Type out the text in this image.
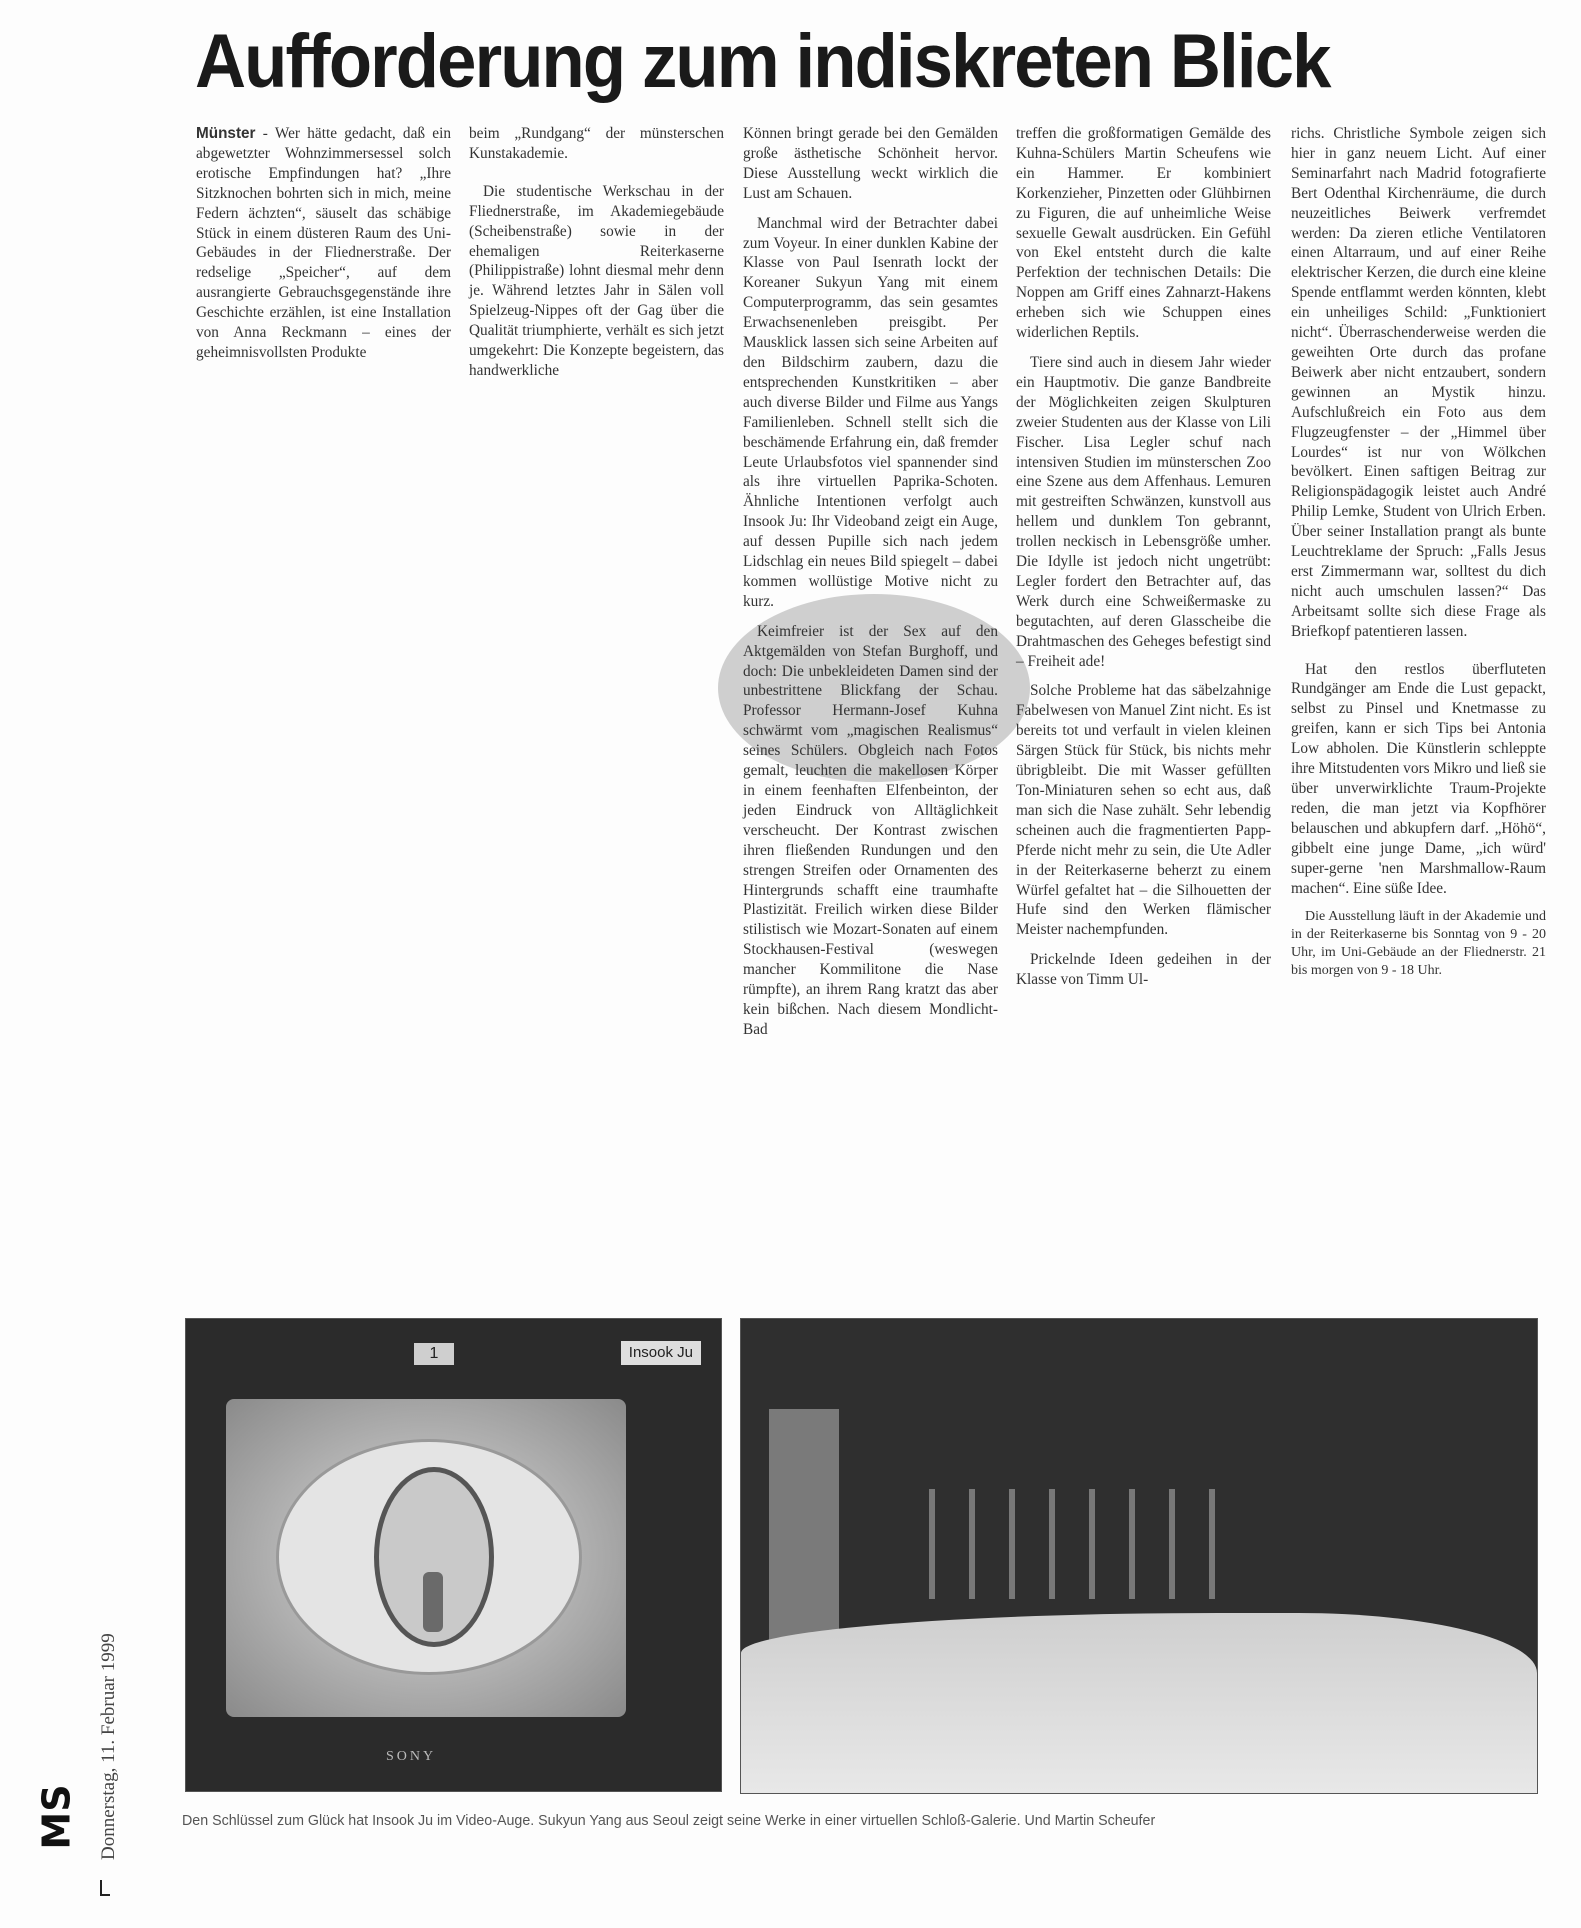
Aufforderung zum indiskreten Blick

Münster - Wer hätte gedacht, daß ein abgewetzter Wohnzimmersessel solch erotische Empfindungen hat? „Ihre Sitzknochen bohrten sich in mich, meine Federn ächzten“, säuselt das schäbige Stück in einem düsteren Raum des Uni-Gebäudes in der Fliednerstraße. Der redselige „Speicher“, auf dem ausrangierte Gebrauchsgegenstände ihre Geschichte erzählen, ist eine Installation von Anna Reckmann – eines der geheimnisvollsten Produkte

beim „Rundgang“ der münsterschen Kunstakademie.

Die studentische Werkschau in der Fliednerstraße, im Akademiegebäude (Scheibenstraße) sowie in der ehemaligen Reiterkaserne (Philippistraße) lohnt diesmal mehr denn je. Während letztes Jahr in Sälen voll Spielzeug-Nippes oft der Gag über die Qualität triumphierte, verhält es sich jetzt umgekehrt: Die Konzepte begeistern, das handwerkliche

Können bringt gerade bei den Gemälden große ästhetische Schönheit hervor. Diese Ausstellung weckt wirklich die Lust am Schauen.

Manchmal wird der Betrachter dabei zum Voyeur. In einer dunklen Kabine der Klasse von Paul Isenrath lockt der Koreaner Sukyun Yang mit einem Computerprogramm, das sein gesamtes Erwachsenenleben preisgibt. Per Mausklick lassen sich seine Arbeiten auf den Bildschirm zaubern, dazu die entsprechenden Kunstkritiken – aber auch diverse Bilder und Filme aus Yangs Familienleben. Schnell stellt sich die beschämende Erfahrung ein, daß fremder Leute Urlaubsfotos viel spannender sind als ihre virtuellen Paprika-Schoten. Ähnliche Intentionen verfolgt auch Insook Ju: Ihr Videoband zeigt ein Auge, auf dessen Pupille sich nach jedem Lidschlag ein neues Bild spiegelt – dabei kommen wollüstige Motive nicht zu kurz.

Keimfreier ist der Sex auf den Aktgemälden von Stefan Burghoff, und doch: Die unbekleideten Damen sind der unbestrittene Blickfang der Schau. Professor Hermann-Josef Kuhna schwärmt vom „magischen Realismus“ seines Schülers. Obgleich nach Fotos gemalt, leuchten die makellosen Körper in einem feenhaften Elfenbeinton, der jeden Eindruck von Alltäglichkeit verscheucht. Der Kontrast zwischen ihren fließenden Rundungen und den strengen Streifen oder Ornamenten des Hintergrunds schafft eine traumhafte Plastizität. Freilich wirken diese Bilder stilistisch wie Mozart-Sonaten auf einem Stockhausen-Festival (weswegen mancher Kommilitone die Nase rümpfte), an ihrem Rang kratzt das aber kein bißchen. Nach diesem Mondlicht-Bad

treffen die großformatigen Gemälde des Kuhna-Schülers Martin Scheufens wie ein Hammer. Er kombiniert Korkenzieher, Pinzetten oder Glühbirnen zu Figuren, die auf unheimliche Weise sexuelle Gewalt ausdrücken. Ein Gefühl von Ekel entsteht durch die kalte Perfektion der technischen Details: Die Noppen am Griff eines Zahnarzt-Hakens erheben sich wie Schuppen eines widerlichen Reptils.

Tiere sind auch in diesem Jahr wieder ein Hauptmotiv. Die ganze Bandbreite der Möglichkeiten zeigen Skulpturen zweier Studenten aus der Klasse von Lili Fischer. Lisa Legler schuf nach intensiven Studien im münsterschen Zoo eine Szene aus dem Affenhaus. Lemuren mit gestreiften Schwänzen, kunstvoll aus hellem und dunklem Ton gebrannt, trollen neckisch in Lebensgröße umher. Die Idylle ist jedoch nicht ungetrübt: Legler fordert den Betrachter auf, das Werk durch eine Schweißermaske zu begutachten, auf deren Glasscheibe die Drahtmaschen des Geheges befestigt sind – Freiheit ade!

Solche Probleme hat das säbelzahnige Fabelwesen von Manuel Zint nicht. Es ist bereits tot und verfault in vielen kleinen Särgen Stück für Stück, bis nichts mehr übrigbleibt. Die mit Wasser gefüllten Ton-Miniaturen sehen so echt aus, daß man sich die Nase zuhält. Sehr lebendig scheinen auch die fragmentierten Papp-Pferde nicht mehr zu sein, die Ute Adler in der Reiterkaserne beherzt zu einem Würfel gefaltet hat – die Silhouetten der Hufe sind den Werken flämischer Meister nachempfunden.

Prickelnde Ideen gedeihen in der Klasse von Timm Ul-

richs. Christliche Symbole zeigen sich hier in ganz neuem Licht. Auf einer Seminarfahrt nach Madrid fotografierte Bert Odenthal Kirchenräume, die durch neuzeitliches Beiwerk verfremdet werden: Da zieren etliche Ventilatoren einen Altarraum, und auf einer Reihe elektrischer Kerzen, die durch eine kleine Spende entflammt werden könnten, klebt ein unheiliges Schild: „Funktioniert nicht“. Überraschenderweise werden die geweihten Orte durch das profane Beiwerk aber nicht entzaubert, sondern gewinnen an Mystik hinzu. Aufschlußreich ein Foto aus dem Flugzeugfenster – der „Himmel über Lourdes“ ist nur von Wölkchen bevölkert. Einen saftigen Beitrag zur Religionspädagogik leistet auch André Philip Lemke, Student von Ulrich Erben. Über seiner Installation prangt als bunte Leuchtreklame der Spruch: „Falls Jesus erst Zimmermann war, solltest du dich nicht auch umschulen lassen?“ Das Arbeitsamt sollte sich diese Frage als Briefkopf patentieren lassen.

Hat den restlos überfluteten Rundgänger am Ende die Lust gepackt, selbst zu Pinsel und Knetmasse zu greifen, kann er sich Tips bei Antonia Low abholen. Die Künstlerin schleppte ihre Mitstudenten vors Mikro und ließ sie über unverwirklichte Traum-Projekte reden, die man jetzt via Kopfhörer belauschen und abkupfern darf. „Höhö“, gibbelt eine junge Dame, „ich würd' super-gerne 'nen Marshmallow-Raum machen“. Eine süße Idee.

Die Ausstellung läuft in der Akademie und in der Reiterkaserne bis Sonntag von 9 - 20 Uhr, im Uni-Gebäude an der Fliednerstr. 21 bis morgen von 9 - 18 Uhr.

1	Insook Ju
SONY
Den Schlüssel zum Glück hat Insook Ju im Video-Auge. Sukyun Yang aus Seoul zeigt seine Werke in einer virtuellen Schloß-Galerie. Und Martin Scheufer
Donnerstag, 11. Februar 1999
MS
